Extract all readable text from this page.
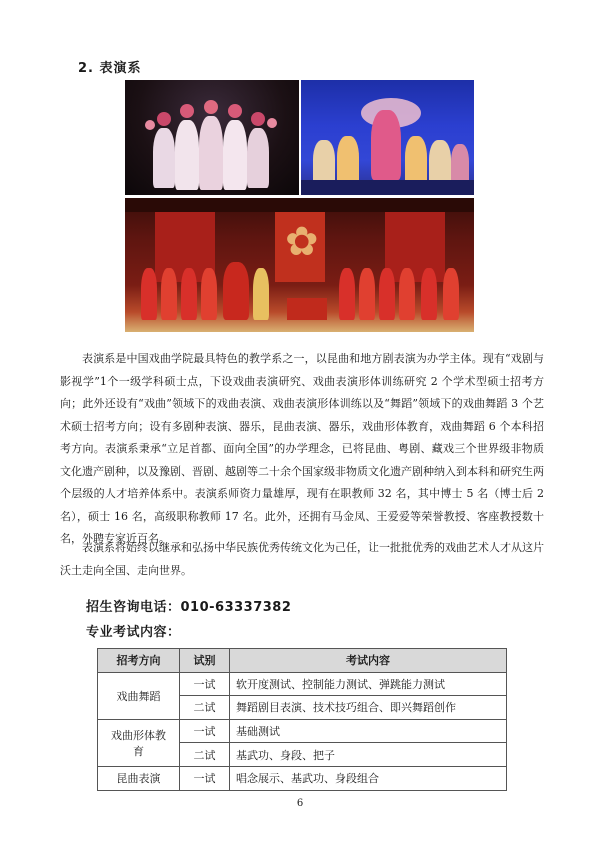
2. 表演系
✿

表演系是中国戏曲学院最具特色的教学系之一，以昆曲和地方剧表演为办学主体。现有“戏剧与影视学”1个一级学科硕士点，下设戏曲表演研究、戏曲表演形体训练研究 2 个学术型硕士招考方向；此外还设有“戏曲”领域下的戏曲表演、戏曲表演形体训练以及“舞蹈”领域下的戏曲舞蹈 3 个艺术硕士招考方向；设有多剧种表演、器乐，昆曲表演、器乐，戏曲形体教育，戏曲舞蹈 6 个本科招考方向。表演系秉承“立足首都、面向全国”的办学理念，已将昆曲、粤剧、藏戏三个世界级非物质文化遗产剧种，以及豫剧、晋剧、越剧等二十余个国家级非物质文化遗产剧种纳入到本科和研究生两个层级的人才培养体系中。表演系师资力量雄厚，现有在职教师 32 名，其中博士 5 名（博士后 2 名），硕士 16 名，高级职称教师 17 名。此外，还拥有马金凤、王爱爱等荣誉教授、客座教授数十名，外聘专家近百名。

表演系将始终以继承和弘扬中华民族优秀传统文化为己任，让一批批优秀的戏曲艺术人才从这片沃土走向全国、走向世界。

招生咨询电话：010-63337382
专业考试内容：
招考方向	试别	考试内容
戏曲舞蹈	一试	软开度测试、控制能力测试、弹跳能力测试
	二试	舞蹈剧目表演、技术技巧组合、即兴舞蹈创作
戏曲形体教育	一试	基础测试
	二试	基武功、身段、把子
昆曲表演	一试	唱念展示、基武功、身段组合
6
